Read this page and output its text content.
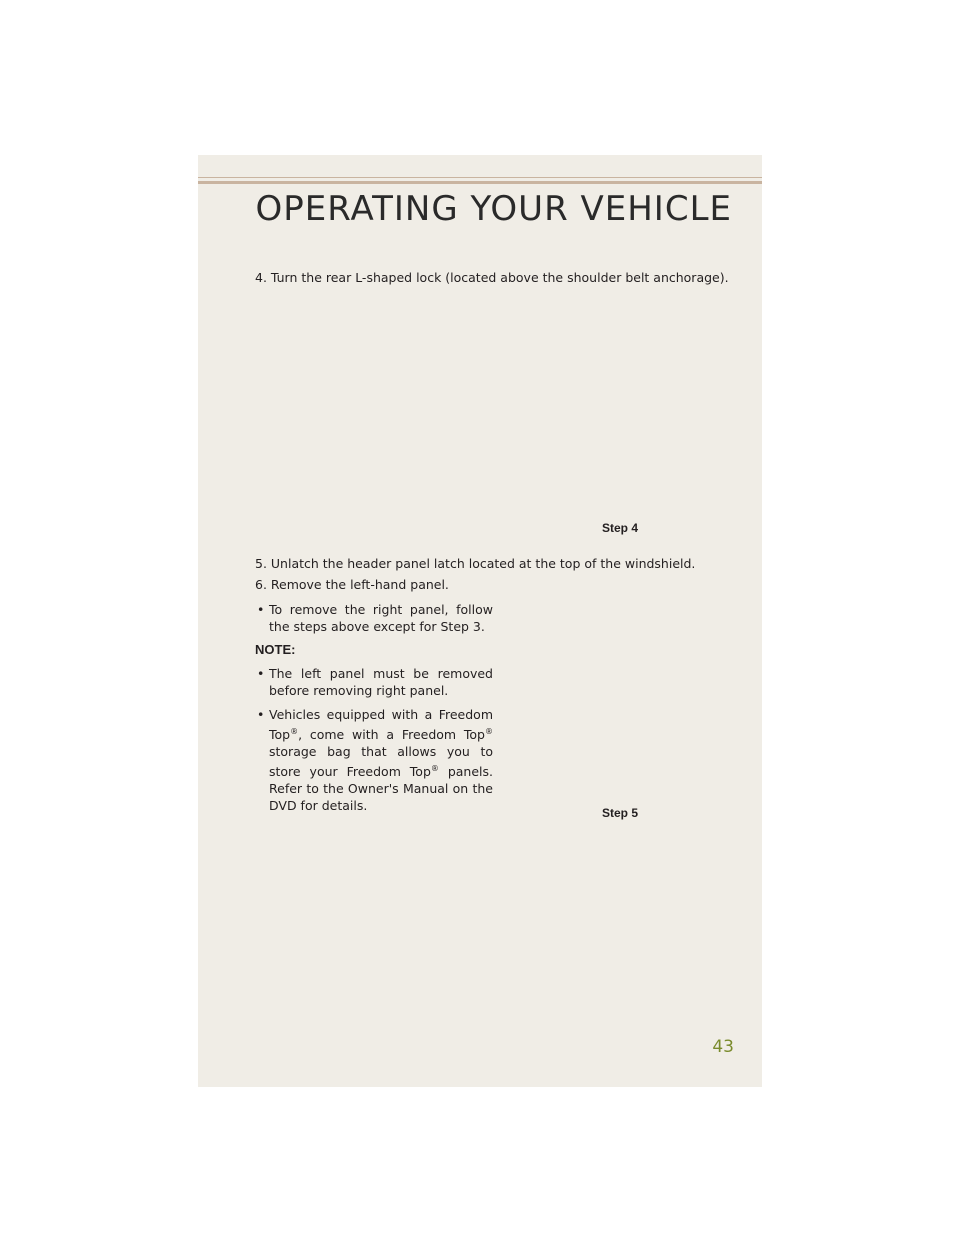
OPERATING YOUR VEHICLE
4. Turn the rear L-shaped lock (located above the shoulder belt anchorage).
Step 4
5. Unlatch the header panel latch located at the top of the windshield.
6. Remove the left-hand panel.
• To remove the right panel, follow the steps above except for Step 3.
NOTE:
• The left panel must be removed before removing right panel.
• Vehicles equipped with a Freedom Top®, come with a Freedom Top® storage bag that allows you to store your Freedom Top® panels. Refer to the Owner's Manual on the DVD for details.	Step 5
43
